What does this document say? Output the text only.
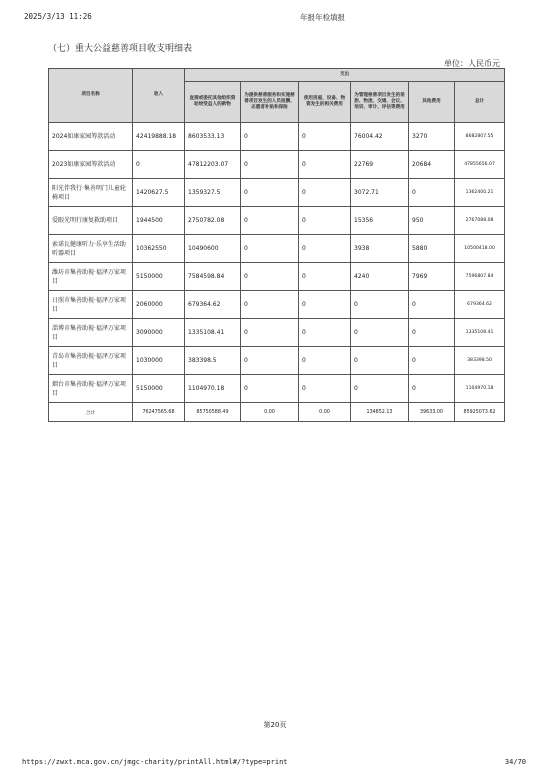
2025/3/13 11:26	年报年检填报
（七）重大公益慈善项目收支明细表
单位：人民币元
项目名称	收入	支出					
		直接或委托其他组织资助给受益人的款物	为提供慈善服务和实施慈善项目发生的人员报酬、志愿者补贴和保险	使用房屋、设备、物资发生的相关费用	为管理慈善项目发生的差旅、物流、交通、会议、培训、审计、评估等费用	其他费用	总计
2024如康家园筹款活动	42419888.18	8603533.13	0	0	76004.42	3270	8682807.55
2023如康家园筹款活动	0	47812203.07	0	0	22769	20684	47855656.07
阳光伴我行·集善明门儿童轮椅项目	1420627.5	1359327.5	0	0	3072.71	0	1362400.21
爱眼光明行康复救助项目	1944500	2750782.08	0	0	15356	950	2767088.08
索诺瓦健康听力·乐享生活助听器项目	10362550	10490600	0	0	3938	5880	10500418.00
潍坊市集善助视·福泽万家项目	5150000	7584598.84	0	0	4240	7969	7596807.84
日照市集善助视·福泽万家项目	2060000	679364.62	0	0	0	0	679364.62
淄博市集善助视·福泽万家项目	3090000	1335108.41	0	0	0	0	1335108.41
青岛市集善助视·福泽万家项目	1030000	383398.5	0	0	0	0	383398.50
烟台市集善助视·福泽万家项目	5150000	1104970.18	0	0	0	0	1104970.18
合计	76247565.68	85750588.49	0.00	0.00	134852.13	39633.00	85925073.62
第20页
https://zwxt.mca.gov.cn/jmgc-charity/printAll.html#/?type=print	34/70
